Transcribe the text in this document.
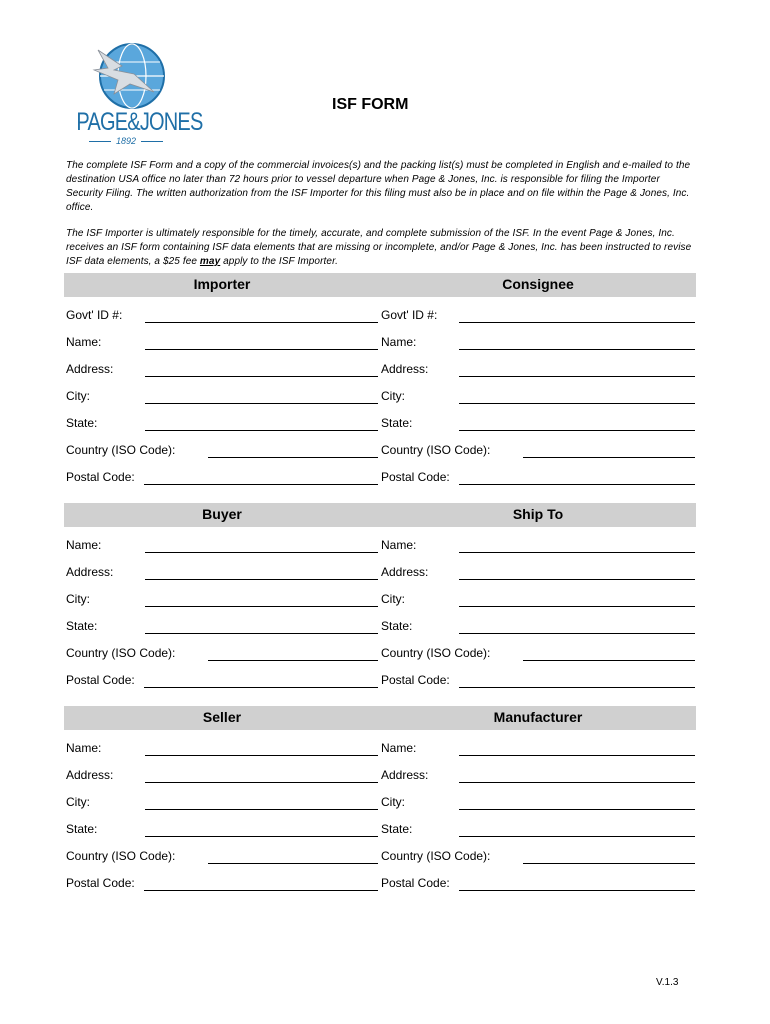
PAGE&JONES
1892
ISF FORM
The complete ISF Form and a copy of the commercial invoices(s) and the packing list(s) must be completed in English and e-mailed to the destination USA office no later than 72 hours prior to vessel departure when Page & Jones, Inc. is responsible for filing the Importer Security Filing. The written authorization from the ISF Importer for this filing must also be in place and on file within the Page & Jones, Inc. office.
The ISF Importer is ultimately responsible for the timely, accurate, and complete submission of the ISF. In the event Page & Jones, Inc. receives an ISF form containing ISF data elements that are missing or incomplete, and/or Page & Jones, Inc. has been instructed to revise ISF data elements, a $25 fee may apply to the ISF Importer.
Importer	Consignee
Govt' ID #:	Govt' ID #:
Name:	Name:
Address:	Address:
City:	City:
State:	State:
Country (ISO Code):	Country (ISO Code):
Postal Code:	Postal Code:
Buyer	Ship To
Name:	Name:
Address:	Address:
City:	City:
State:	State:
Country (ISO Code):	Country (ISO Code):
Postal Code:	Postal Code:
Seller	Manufacturer
Name:	Name:
Address:	Address:
City:	City:
State:	State:
Country (ISO Code):	Country (ISO Code):
Postal Code:	Postal Code:
V.1.3
